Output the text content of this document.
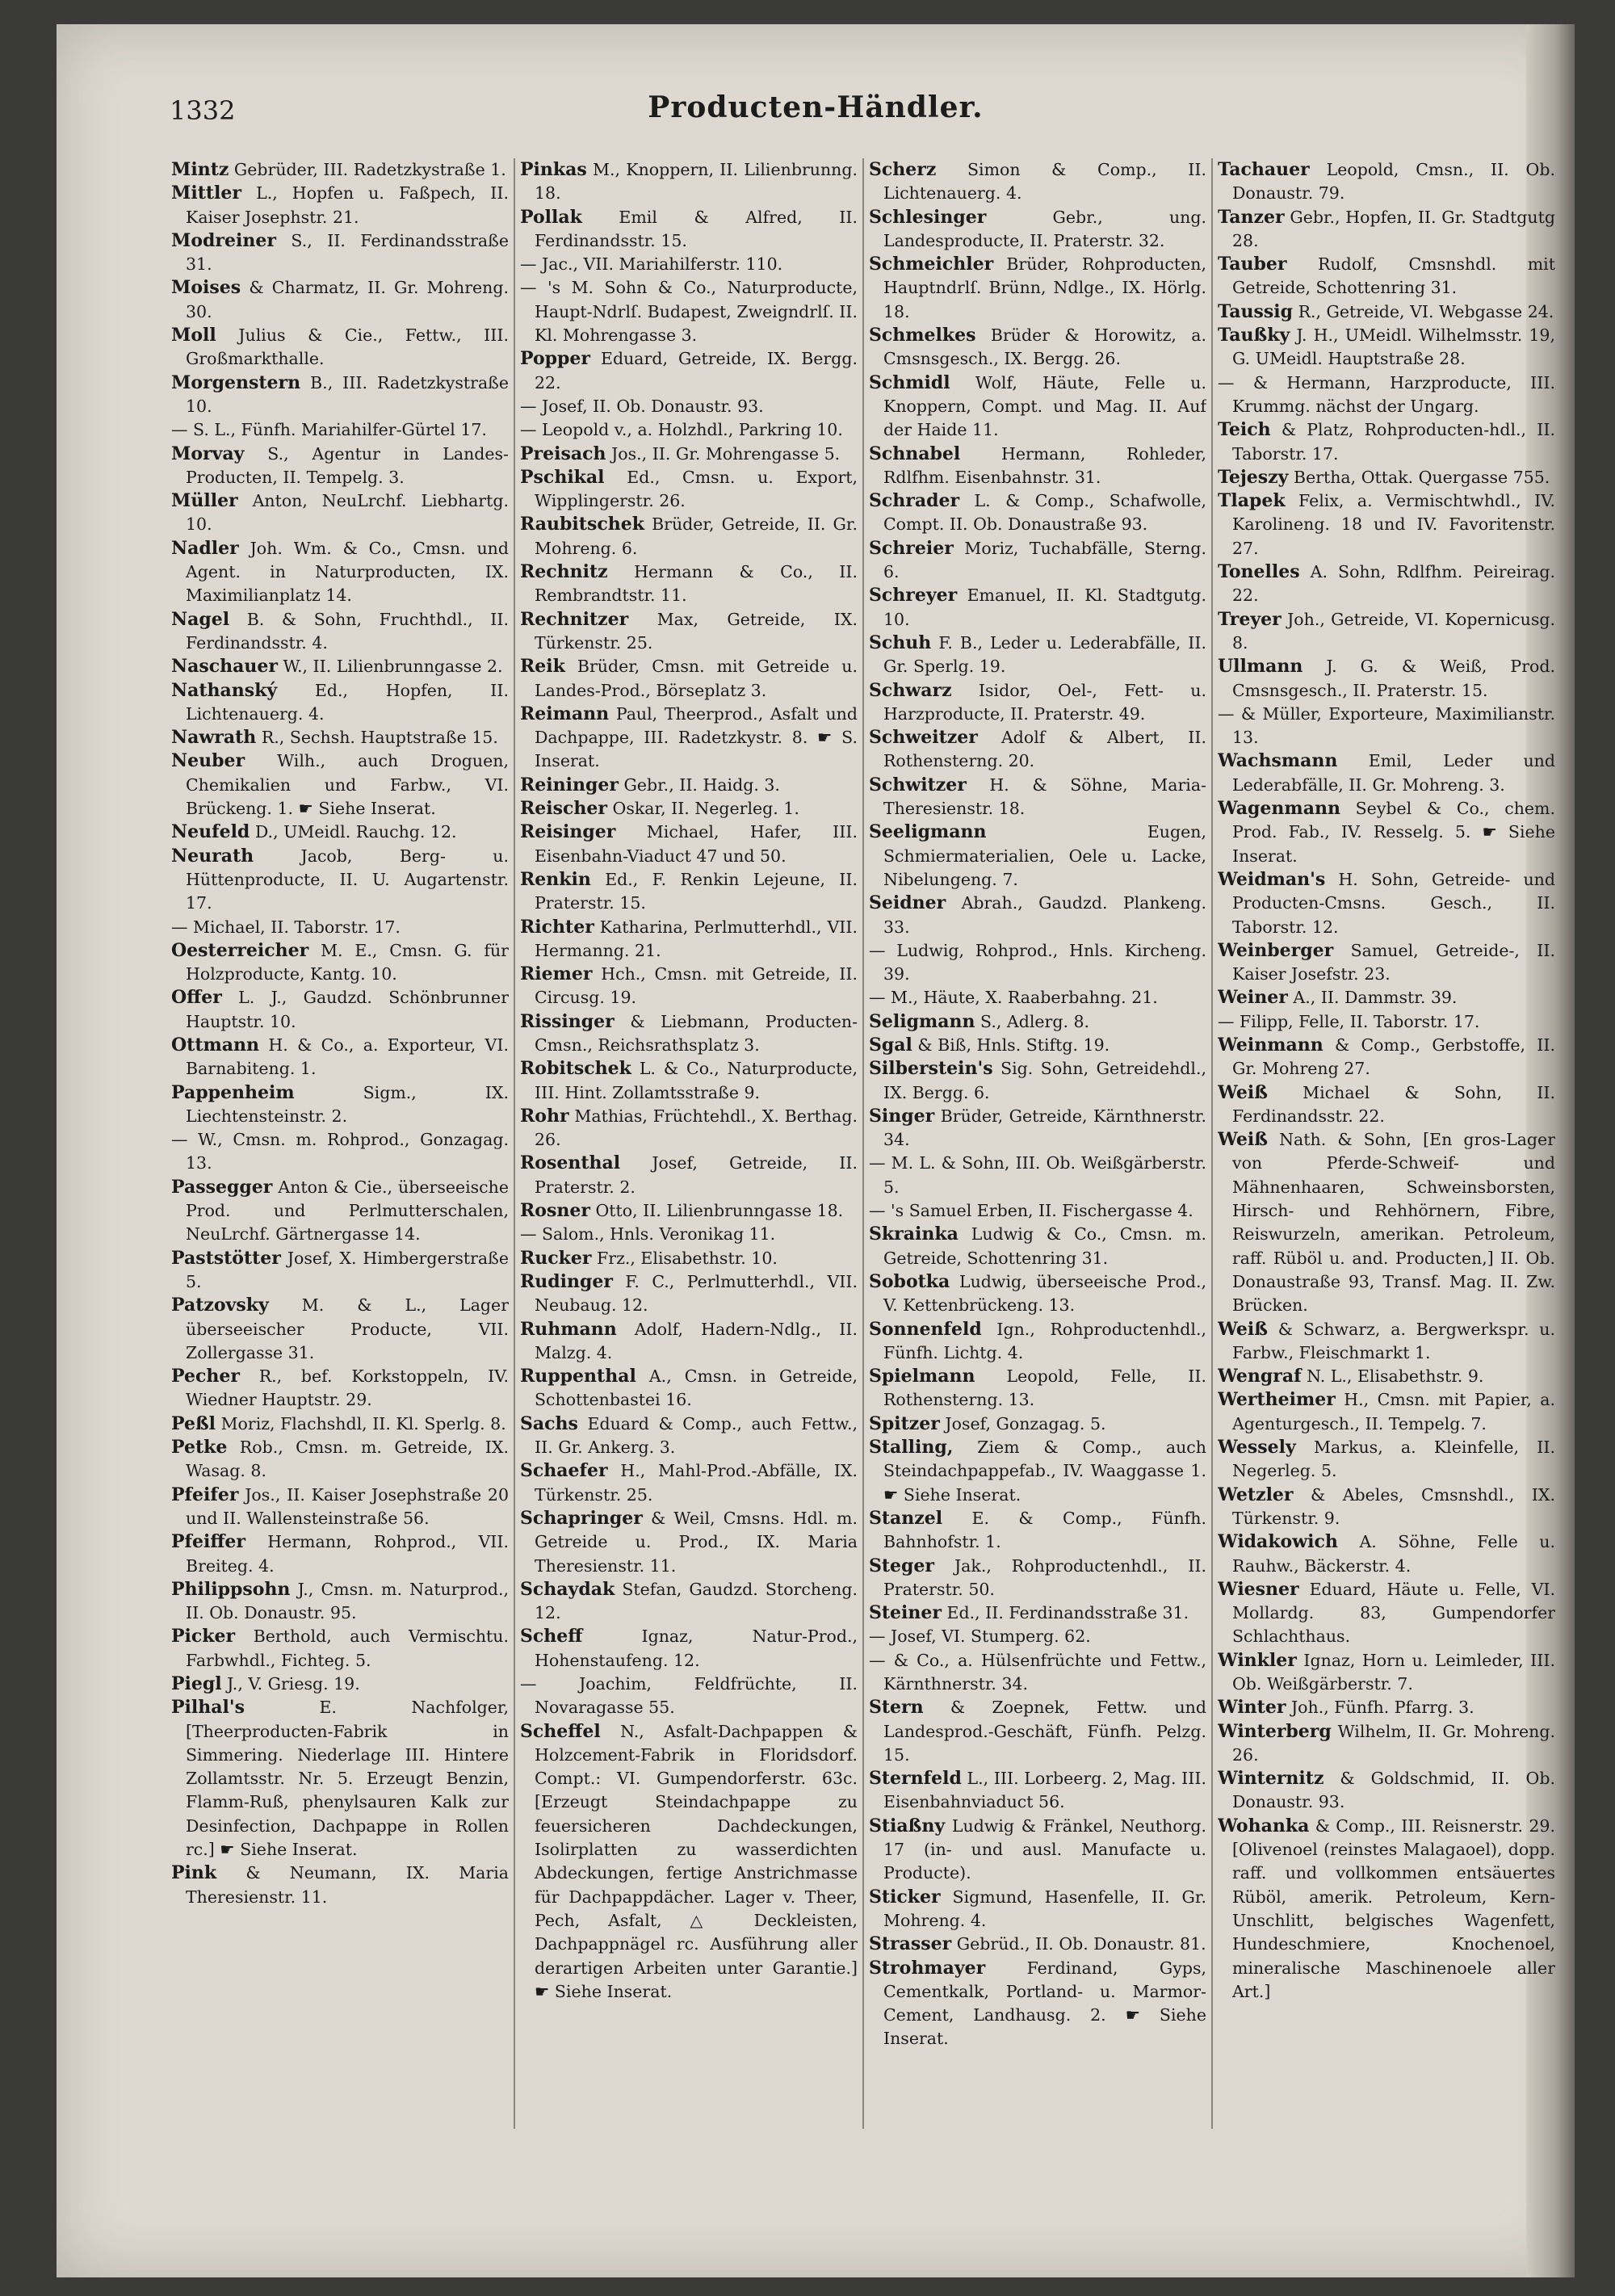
1332	Producten-Händler.

Mintz Gebrüder, III. Radetzkystraße 1.

Mittler L., Hopfen u. Faßpech, II. Kaiser Josephstr. 21.

Modreiner S., II. Ferdinandsstraße 31.

Moises & Charmatz, II. Gr. Mohreng. 30.

Moll Julius & Cie., Fettw., III. Großmarkthalle.

Morgenstern B., III. Radetzkystraße 10.

— S. L., Fünfh. Mariahilfer-Gürtel 17.

Morvay S., Agentur in Landes-Producten, II. Tempelg. 3.

Müller Anton, NeuLrchf. Liebhartg. 10.

Nadler Joh. Wm. & Co., Cmsn. und Agent. in Naturproducten, IX. Maximilianplatz 14.

Nagel B. & Sohn, Fruchthdl., II. Ferdinandsstr. 4.

Naschauer W., II. Lilienbrunngasse 2.

Nathanský Ed., Hopfen, II. Lichtenauerg. 4.

Nawrath R., Sechsh. Hauptstraße 15.

Neuber Wilh., auch Droguen, Chemikalien und Farbw., VI. Brückeng. 1. ☛ Siehe Inserat.

Neufeld D., UMeidl. Rauchg. 12.

Neurath	Jacob, Berg- u. Hüttenproducte, II. U. Augartenstr. 17.

— Michael, II. Taborstr. 17.

Oesterreicher M. E., Cmsn. G. für Holzproducte, Kantg. 10.

Offer L. J., Gaudzd. Schönbrunner Hauptstr. 10.

Ottmann H. & Co., a. Exporteur, VI. Barnabiteng. 1.

Pappenheim	Sigm., IX. Liechtensteinstr. 2.

— W., Cmsn. m. Rohprod., Gonzagag. 13.

Passegger Anton & Cie., überseeische Prod. und Perlmutterschalen, NeuLrchf. Gärtnergasse 14.

Paststötter Josef, X. Himbergerstraße 5.

Patzovsky M. & L., Lager überseeischer Producte, VII. Zollergasse 31.

Pecher R., bef. Korkstoppeln, IV. Wiedner Hauptstr. 29.

Peßl Moriz, Flachshdl, II. Kl. Sperlg. 8.

Petke Rob., Cmsn. m. Getreide, IX. Wasag. 8.

Pfeifer Jos., II. Kaiser Josephstraße 20 und II. Wallensteinstraße 56.

Pfeiffer Hermann, Rohprod., VII. Breiteg. 4.

Philippsohn J., Cmsn. m. Naturprod., II. Ob. Donaustr. 95.

Picker Berthold, auch Vermischtu. Farbwhdl., Fichteg. 5.

Piegl J., V. Griesg. 19.

Pilhal's	E. Nachfolger, [Theerproducten-Fabrik in Simmering. Niederlage III. Hintere Zollamtsstr. Nr. 5. Erzeugt Benzin, Flamm-Ruß, phenylsauren Kalk zur Desinfection, Dachpappe in Rollen rc.] ☛ Siehe Inserat.

Pink & Neumann, IX. Maria Theresienstr. 11.

Pinkas M., Knoppern, II. Lilienbrunng. 18.

Pollak Emil & Alfred, II. Ferdinandsstr. 15.

— Jac., VII. Mariahilferstr. 110.

— 's M. Sohn & Co., Naturproducte, Haupt-Ndrlſ. Budapest, Zweigndrlſ. II. Kl. Mohrengasse 3.

Popper Eduard, Getreide, IX. Bergg. 22.

— Josef, II. Ob. Donaustr. 93.

— Leopold v., a. Holzhdl., Parkring 10.

Preisach Jos., II. Gr. Mohrengasse 5.

Pschikal Ed., Cmsn. u. Export, Wipplingerstr. 26.

Raubitschek Brüder, Getreide, II. Gr. Mohreng. 6.

Rechnitz Hermann & Co., II. Rembrandtstr. 11.

Rechnitzer Max, Getreide, IX. Türkenstr. 25.

Reik Brüder, Cmsn. mit Getreide u. Landes-Prod., Börseplatz 3.

Reimann Paul, Theerprod., Asfalt und Dachpappe, III. Radetzkystr. 8. ☛ S. Inserat.

Reininger Gebr., II. Haidg. 3.

Reischer Oskar, II. Negerleg. 1.

Reisinger Michael, Hafer, III. Eisenbahn-Viaduct 47 und 50.

Renkin Ed., F. Renkin Lejeune, II. Praterstr. 15.

Richter Katharina, Perlmutterhdl., VII. Hermanng. 21.

Riemer Hch., Cmsn. mit Getreide, II. Circusg. 19.

Rissinger & Liebmann, Producten-Cmsn., Reichsrathsplatz 3.

Robitschek L. & Co., Naturproducte, III. Hint. Zollamtsstraße 9.

Rohr Mathias, Früchtehdl., X. Berthag. 26.

Rosenthal Josef, Getreide, II. Praterstr. 2.

Rosner Otto, II. Lilienbrunngasse 18.

— Salom., Hnls. Veronikag 11.

Rucker Frz., Elisabethstr. 10.

Rudinger F. C., Perlmutterhdl., VII. Neubaug. 12.

Ruhmann Adolf, Hadern-Ndlg., II. Malzg. 4.

Ruppenthal A., Cmsn. in Getreide, Schottenbastei 16.

Sachs Eduard & Comp., auch Fettw., II. Gr. Ankerg. 3.

Schaefer H., Mahl-Prod.-Abfälle, IX. Türkenstr. 25.

Schapringer & Weil, Cmsns. Hdl. m. Getreide u. Prod., IX. Maria Theresienstr. 11.

Schaydak Stefan, Gaudzd. Storcheng. 12.

Scheff	Ignaz, Natur-Prod., Hohenstaufeng. 12.

— Joachim, Feldfrüchte, II. Novaragasse 55.

Scheffel N., Asfalt-Dachpappen & Holzcement-Fabrik in Floridsdorf. Compt.: VI. Gumpendorferstr. 63c. [Erzeugt Steindachpappe zu feuersicheren Dachdeckungen, Isolirplatten zu wasserdichten Abdeckungen, fertige Anstrichmasse für Dachpappdächer. Lager v. Theer, Pech, Asfalt, △ Deckleisten, Dachpappnägel rc. Ausführung aller derartigen Arbeiten unter Garantie.] ☛ Siehe Inserat.

Scherz Simon & Comp., II. Lichtenauerg. 4.

Schlesinger	Gebr., ung. Landesproducte, II. Praterstr. 32.

Schmeichler Brüder, Rohproducten, Hauptndrlſ. Brünn, Ndlge., IX. Hörlg. 18.

Schmelkes Brüder & Horowitz, a. Cmsnsgesch., IX. Bergg. 26.

Schmidl Wolf, Häute, Felle u. Knoppern, Compt. und Mag. II. Auf der Haide 11.

Schnabel Hermann, Rohleder, Rdlfhm. Eisenbahnstr. 31.

Schrader L. & Comp., Schafwolle, Compt. II. Ob. Donaustraße 93.

Schreier Moriz, Tuchabfälle, Sterng. 6.

Schreyer Emanuel, II. Kl. Stadtgutg. 10.

Schuh F. B., Leder u. Lederabfälle, II. Gr. Sperlg. 19.

Schwarz Isidor, Oel-, Fett- u. Harzproducte, II. Praterstr. 49.

Schweitzer Adolf & Albert, II. Rothensterng. 20.

Schwitzer H. & Söhne, Maria-Theresienstr. 18.

Seeligmann	Eugen, Schmiermaterialien, Oele u. Lacke, Nibelungeng. 7.

Seidner Abrah., Gaudzd. Plankeng. 33.

— Ludwig, Rohprod., Hnls. Kircheng. 39.

— M., Häute, X. Raaberbahng. 21.

Seligmann S., Adlerg. 8.

Sgal & Biß, Hnls. Stiftg. 19.

Silberstein's Sig. Sohn, Getreidehdl., IX. Bergg. 6.

Singer Brüder, Getreide, Kärnthnerstr. 34.

— M. L. & Sohn, III. Ob. Weißgärberstr. 5.

— 's Samuel Erben, II. Fischergasse 4.

Skrainka Ludwig & Co., Cmsn. m. Getreide, Schottenring 31.

Sobotka Ludwig, überseeische Prod., V. Kettenbrückeng. 13.

Sonnenfeld Ign., Rohproductenhdl., Fünfh. Lichtg. 4.

Spielmann Leopold, Felle, II. Rothensterng. 13.

Spitzer Josef, Gonzagag. 5.

Stalling, Ziem & Comp., auch Steindachpappefab., IV. Waaggasse 1. ☛ Siehe Inserat.

Stanzel E. & Comp., Fünfh. Bahnhofstr. 1.

Steger Jak., Rohproductenhdl., II. Praterstr. 50.

Steiner Ed., II. Ferdinandsstraße 31.

— Josef, VI. Stumperg. 62.

— & Co., a. Hülsenfrüchte und Fettw., Kärnthnerstr. 34.

Stern & Zoepnek, Fettw. und Landesprod.-Geschäft, Fünfh. Pelzg. 15.

Sternfeld L., III. Lorbeerg. 2, Mag. III. Eisenbahnviaduct 56.

Stiaßny Ludwig & Fränkel, Neuthorg. 17 (in- und ausl. Manufacte u. Producte).

Sticker Sigmund, Hasenfelle, II. Gr. Mohreng. 4.

Strasser Gebrüd., II. Ob. Donaustr. 81.

Strohmayer	Ferdinand, Gyps, Cementkalk, Portland- u. Marmor-Cement, Landhausg. 2. ☛ Siehe Inserat.

Tachauer Leopold, Cmsn., II. Ob. Donaustr. 79.

Tanzer Gebr., Hopfen, II. Gr. Stadtgutg 28.

Tauber Rudolf, Cmsnshdl. mit Getreide, Schottenring 31.

Taussig R., Getreide, VI. Webgasse 24.

Taußky J. H., UMeidl. Wilhelmsstr. 19, G. UMeidl. Hauptstraße 28.

— & Hermann, Harzproducte, III. Krummg. nächst der Ungarg.

Teich & Platz, Rohproducten-hdl., II. Taborstr. 17.

Tejeszy Bertha, Ottak. Quergasse 755.

Tlapek Felix, a. Vermischtwhdl., IV. Karolineng. 18 und IV. Favoritenstr. 27.

Tonelles A. Sohn, Rdlfhm. Peireirag. 22.

Treyer Joh., Getreide, VI. Kopernicusg. 8.

Ullmann J. G. & Weiß, Prod. Cmsnsgesch., II. Praterstr. 15.

— & Müller, Exporteure, Maximilianstr. 13.

Wachsmann Emil, Leder und Lederabfälle, II. Gr. Mohreng. 3.

Wagenmann Seybel & Co., chem. Prod. Fab., IV. Resselg. 5. ☛ Siehe Inserat.

Weidman's H. Sohn, Getreide- und Producten-Cmsns. Gesch., II. Taborstr. 12.

Weinberger Samuel, Getreide-, II. Kaiser Josefstr. 23.

Weiner A., II. Dammstr. 39.

— Filipp, Felle, II. Taborstr. 17.

Weinmann & Comp., Gerbstoffe, II. Gr. Mohreng 27.

Weiß Michael & Sohn, II. Ferdinandsstr. 22.

Weiß Nath. & Sohn, [En gros-Lager von Pferde-Schweif- und Mähnenhaaren, Schweinsborsten, Hirsch- und Rehhörnern, Fibre, Reiswurzeln, amerikan. Petroleum, raff. Rüböl u. and. Producten,] II. Ob. Donaustraße 93, Transf. Mag. II. Zw. Brücken.

Weiß & Schwarz, a. Bergwerkspr. u. Farbw., Fleischmarkt 1.

Wengraf N. L., Elisabethstr. 9.

Wertheimer H., Cmsn. mit Papier, a. Agenturgesch., II. Tempelg. 7.

Wessely Markus, a. Kleinfelle, II. Negerleg. 5.

Wetzler & Abeles, Cmsnshdl., IX. Türkenstr. 9.

Widakowich A. Söhne, Felle u. Rauhw., Bäckerstr. 4.

Wiesner Eduard, Häute u. Felle, VI. Mollardg. 83, Gumpendorfer Schlachthaus.

Winkler Ignaz, Horn u. Leimleder, III. Ob. Weißgärberstr. 7.

Winter Joh., Fünfh. Pfarrg. 3.

Winterberg Wilhelm, II. Gr. Mohreng. 26.

Winternitz & Goldschmid, II. Ob. Donaustr. 93.

Wohanka & Comp., III. Reisnerstr. 29. [Olivenoel (reinstes Malagaoel), dopp. raff. und vollkommen entsäuertes Rüböl, amerik. Petroleum, Kern-Unschlitt, belgisches Wagenfett, Hundeschmiere, Knochenoel, mineralische Maschinenoele aller Art.]
